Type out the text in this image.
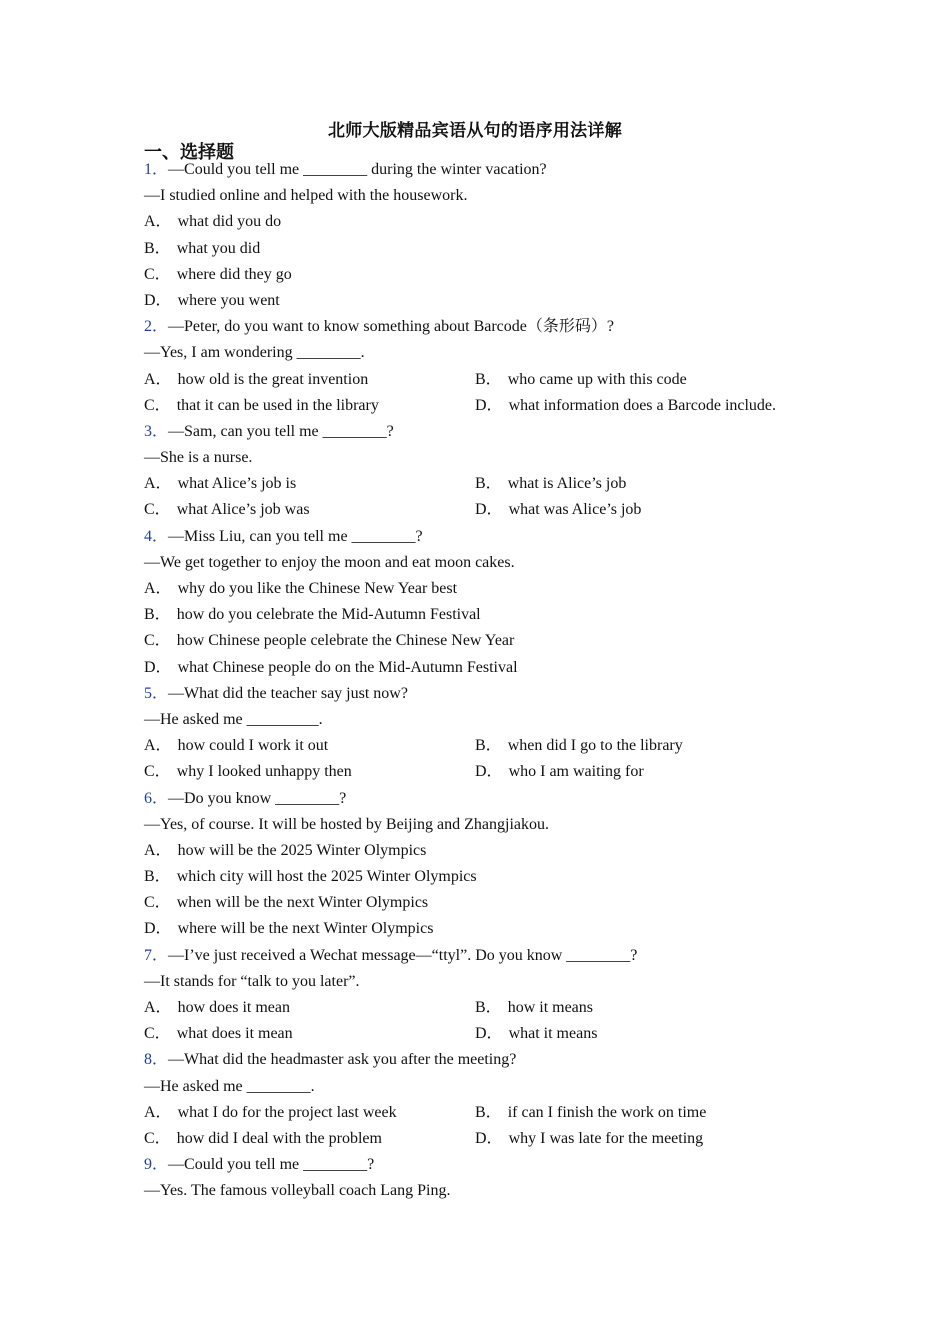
北师大版精品宾语从句的语序用法详解
一、选择题
1．—Could you tell me ________ during the winter vacation?
—I studied online and helped with the housework.
A． what did you do
B． what you did
C． where did they go
D． where you went
2．—Peter, do you want to know something about Barcode（条形码）?
—Yes, I am wondering ________.
A． how old is the great invention	B． who came up with this code
C． that it can be used in the library	D． what information does a Barcode include.
3．—Sam, can you tell me ________?
—She is a nurse.
A． what Alice’s job is	B． what is Alice’s job
C． what Alice’s job was	D． what was Alice’s job
4．—Miss Liu, can you tell me ________?
—We get together to enjoy the moon and eat moon cakes.
A． why do you like the Chinese New Year best
B． how do you celebrate the Mid-Autumn Festival
C． how Chinese people celebrate the Chinese New Year
D． what Chinese people do on the Mid-Autumn Festival
5．—What did the teacher say just now?
—He asked me _________.
A． how could I work it out	B． when did I go to the library
C． why I looked unhappy then	D． who I am waiting for
6．—Do you know ________?
—Yes, of course. It will be hosted by Beijing and Zhangjiakou.
A． how will be the 2025 Winter Olympics
B． which city will host the 2025 Winter Olympics
C． when will be the next Winter Olympics
D． where will be the next Winter Olympics
7．—I’ve just received a Wechat message—“ttyl”. Do you know ________?
—It stands for “talk to you later”.
A． how does it mean	B． how it means
C． what does it mean	D． what it means
8．—What did the headmaster ask you after the meeting?
—He asked me ________.
A． what I do for the project last week	B． if can I finish the work on time
C． how did I deal with the problem	D． why I was late for the meeting
9．—Could you tell me ________?
—Yes. The famous volleyball coach Lang Ping.
